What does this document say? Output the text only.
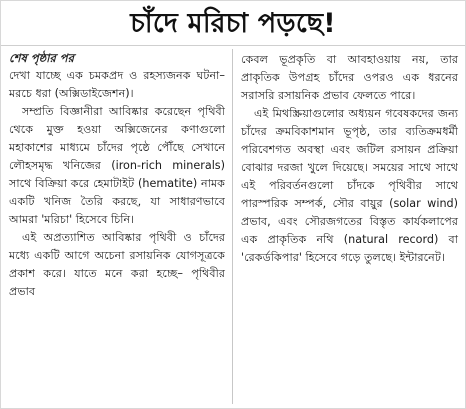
চাঁদে মরিচা পড়ছে!

শেষ পৃষ্ঠার পর

দেখা যাচ্ছে এক চমকপ্রদ ও রহস্যজনক ঘটনা– মরচে ধরা (অক্সিডাইজেশন)।

সম্প্রতি বিজ্ঞানীরা আবিষ্কার করেছেন পৃথিবী থেকে মুক্ত হওয়া অক্সিজেনের কণাগুলো মহাকাশের মাধ্যমে চাঁদের পৃষ্ঠে পৌঁছে সেখানে লৌহসমৃদ্ধ খনিজের (iron-rich minerals) সাথে বিক্রিয়া করে হেমাটাইট (hematite) নামক একটি খনিজ তৈরি করছে, যা সাধারণভাবে আমরা 'মরিচা' হিসেবে চিনি।

এই অপ্রত্যাশিত আবিষ্কার পৃথিবী ও চাঁদের মধ্যে একটি আগে অচেনা রসায়নিক যোগসূত্রকে প্রকাশ করে। যাতে মনে করা হচ্ছে– পৃথিবীর প্রভাব

কেবল ভূপ্রকৃতি বা আবহাওয়ায় নয়, তার প্রাকৃতিক উপগ্রহ চাঁদের ওপরও এক ধরনের সরাসরি রসায়নিক প্রভাব ফেলতে পারে।

এই মিথস্ক্রিয়াগুলোর অধ্যয়ন গবেষকদের জন্য চাঁদের ক্রমবিকাশমান ভূপৃষ্ঠ, তার ব্যতিক্রমধর্মী পরিবেশগত অবস্থা এবং জটিল রসায়ন প্রক্রিয়া বোঝার দরজা খুলে দিয়েছে। সময়ের সাথে সাথে এই পরিবর্তনগুলো চাঁদকে পৃথিবীর সাথে পারস্পরিক সম্পর্ক, সৌর বায়ুর (solar wind) প্রভাব, এবং সৌরজগতের বিস্তৃত কার্যকলাপের এক প্রাকৃতিক নথি (natural record) বা 'রেকর্ডকিপার' হিসেবে গড়ে তুলছে। ইন্টারনেট।
